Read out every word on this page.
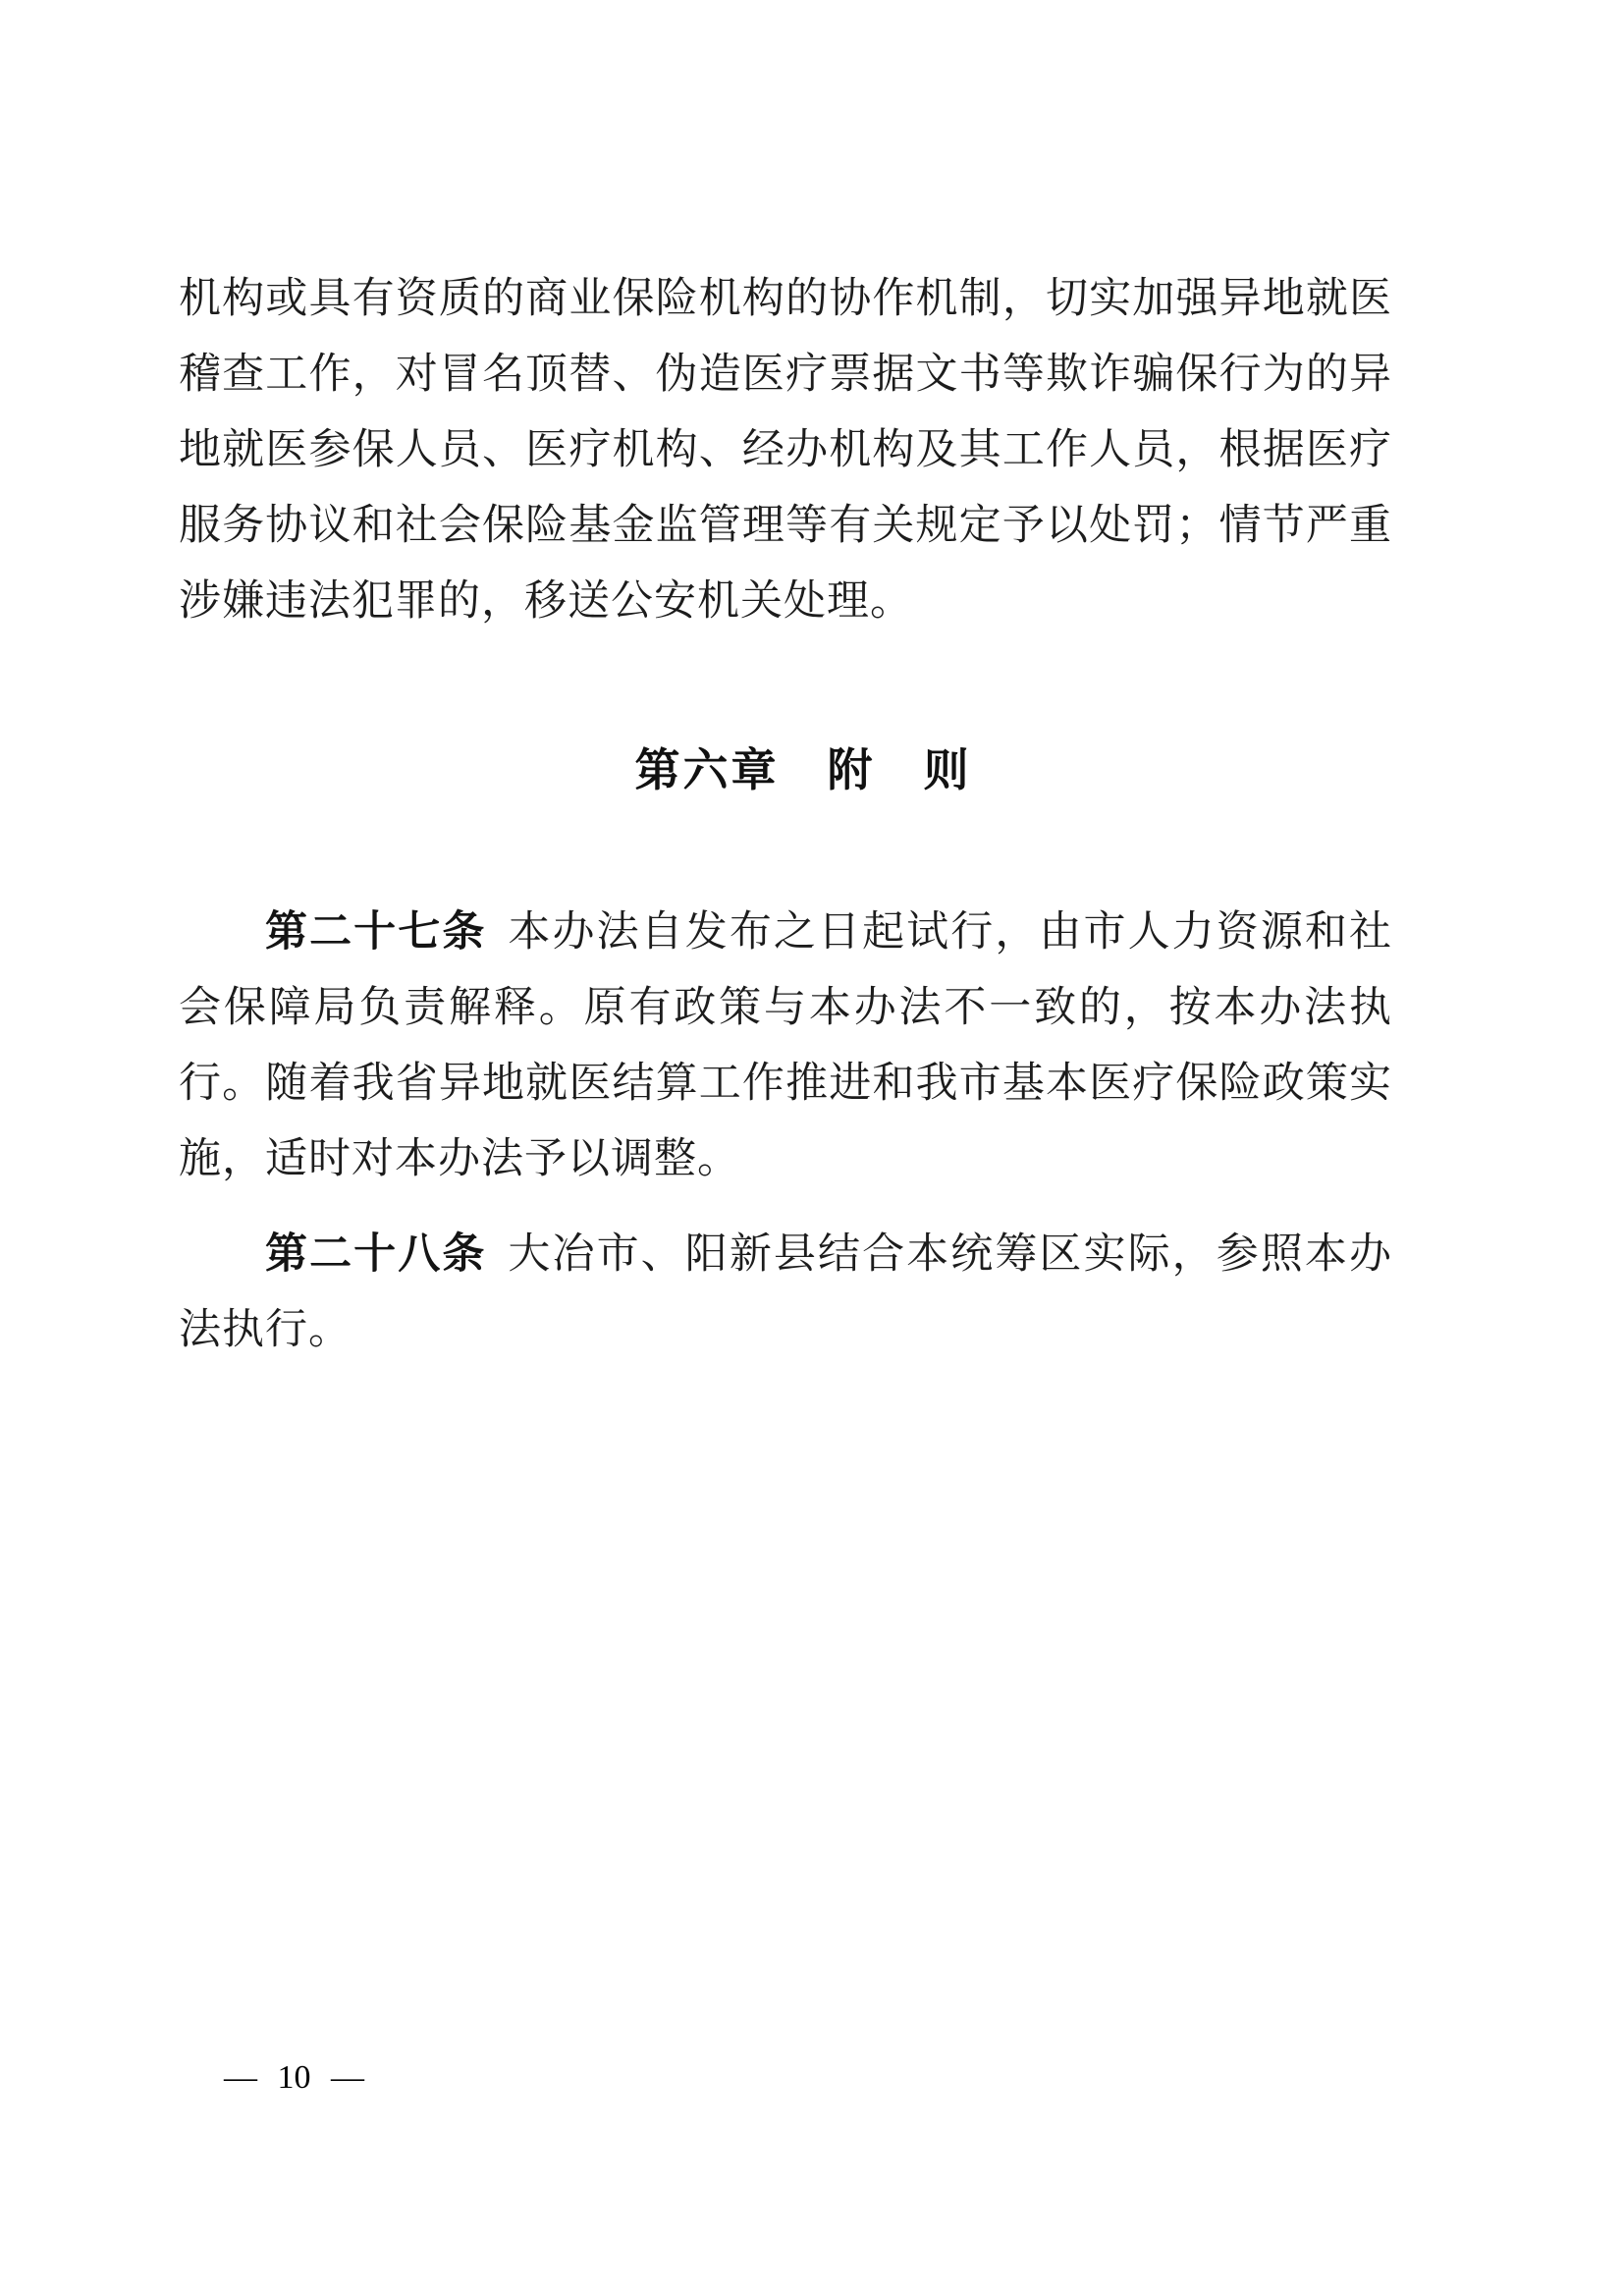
机构或具有资质的商业保险机构的协作机制，切实加强异地就医稽查工作，对冒名顶替、伪造医疗票据文书等欺诈骗保行为的异地就医参保人员、医疗机构、经办机构及其工作人员，根据医疗服务协议和社会保险基金监管理等有关规定予以处罚；情节严重涉嫌违法犯罪的，移送公安机关处理。

第六章　附　则

第二十七条 本办法自发布之日起试行，由市人力资源和社会保障局负责解释。原有政策与本办法不一致的，按本办法执行。随着我省异地就医结算工作推进和我市基本医疗保险政策实施，适时对本办法予以调整。

第二十八条 大冶市、阳新县结合本统筹区实际，参照本办法执行。

— 10 —
